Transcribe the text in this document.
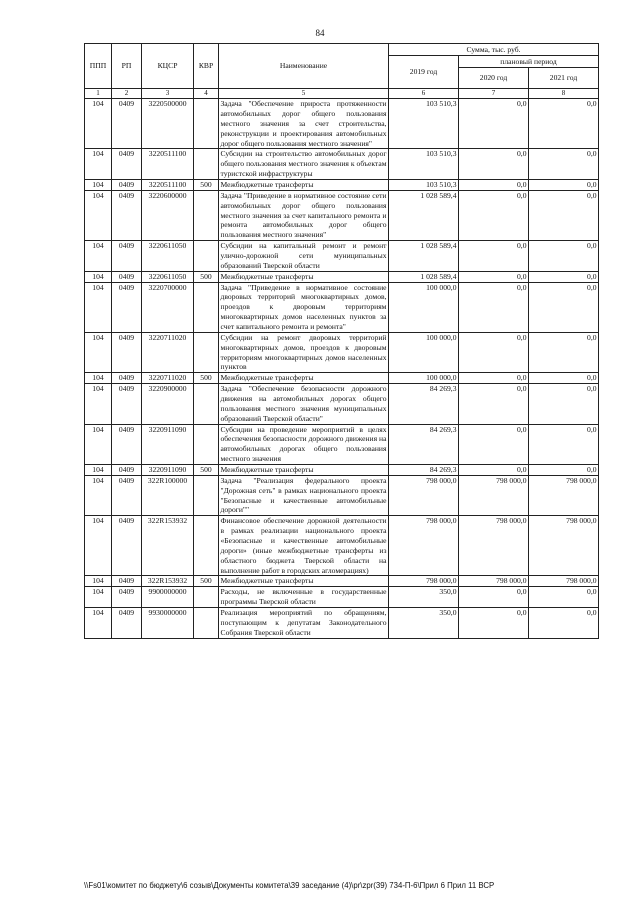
84
ППП	РП	КЦСР	КВР	Наименование	Сумма, тыс. руб.		
					2019 год	плановый период	
						2020 год	2021 год
1	2	3	4	5	6	7	8
104	0409	3220500000		Задача "Обеспечение прироста протяженности автомобильных дорог общего пользования местного значения за счет строительства, реконструкции и проектирования автомобильных дорог общего пользования местного значения"	103 510,3	0,0	0,0
104	0409	3220511100		Субсидии на строительство автомобильных дорог общего пользования местного значения к объектам туристской инфраструктуры	103 510,3	0,0	0,0
104	0409	3220511100	500	Межбюджетные трансферты	103 510,3	0,0	0,0
104	0409	3220600000		Задача "Приведение в нормативное состояние сети автомобильных дорог общего пользования местного значения за счет капитального ремонта и ремонта автомобильных дорог общего пользования местного значения"	1 028 589,4	0,0	0,0
104	0409	3220611050		Субсидии на капитальный ремонт и ремонт улично-дорожной сети муниципальных образований Тверской области	1 028 589,4	0,0	0,0
104	0409	3220611050	500	Межбюджетные трансферты	1 028 589,4	0,0	0,0
104	0409	3220700000		Задача "Приведение в нормативное состояние дворовых территорий многоквартирных домов, проездов к дворовым территориям многоквартирных домов населенных пунктов за счет капитального ремонта и ремонта"	100 000,0	0,0	0,0
104	0409	3220711020		Субсидии на ремонт дворовых территорий многоквартирных домов, проездов к дворовым территориям многоквартирных домов населенных пунктов	100 000,0	0,0	0,0
104	0409	3220711020	500	Межбюджетные трансферты	100 000,0	0,0	0,0
104	0409	3220900000		Задача "Обеспечение безопасности дорожного движения на автомобильных дорогах общего пользования местного значения муниципальных образований Тверской области"	84 269,3	0,0	0,0
104	0409	3220911090		Субсидии на проведение мероприятий в целях обеспечения безопасности дорожного движения на автомобильных дорогах общего пользования местного значения	84 269,3	0,0	0,0
104	0409	3220911090	500	Межбюджетные трансферты	84 269,3	0,0	0,0
104	0409	322R100000		Задача "Реализация федерального проекта "Дорожная сеть" в рамках национального проекта "Безопасные и качественные автомобильные дороги""	798 000,0	798 000,0	798 000,0
104	0409	322R153932		Финансовое обеспечение дорожной деятельности в рамках реализации национального проекта «Безопасные и качественные автомобильные дороги» (иные межбюджетные трансферты из областного бюджета Тверской области на выполнение работ в городских агломерациях)	798 000,0	798 000,0	798 000,0
104	0409	322R153932	500	Межбюджетные трансферты	798 000,0	798 000,0	798 000,0
104	0409	9900000000		Расходы, не включенные в государственные программы Тверской области	350,0	0,0	0,0
104	0409	9930000000		Реализация мероприятий по обращениям, поступающим к депутатам Законодательного Собрания Тверской области	350,0	0,0	0,0
\\Fs01\комитет по бюджету\6 созыв\Документы комитета\39 заседание (4)\pr\zpr(39) 734-П-6\Прил 6 Прил 11 ВСР
